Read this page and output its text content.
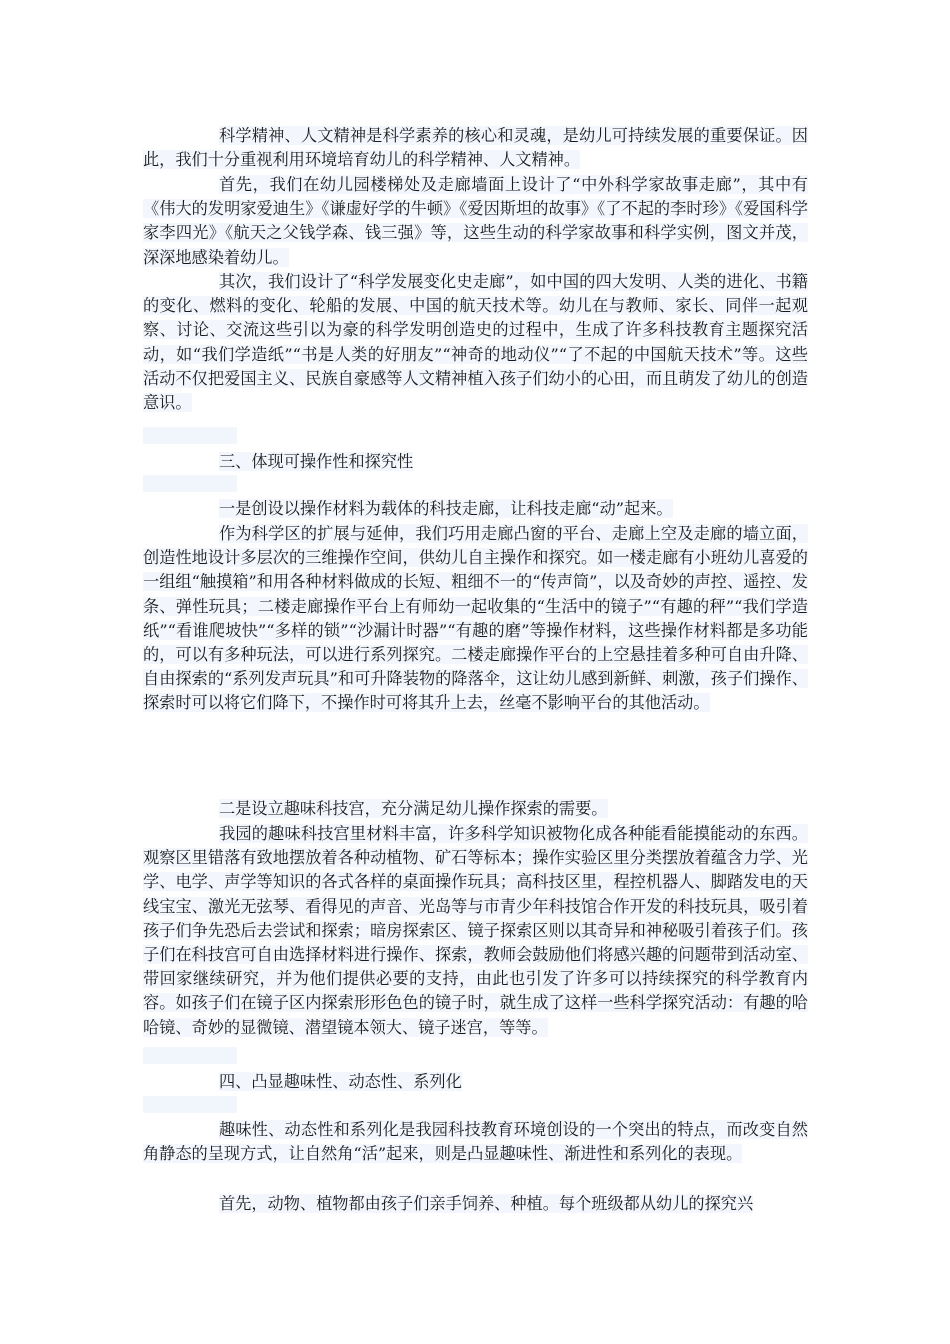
科学精神、人文精神是科学素养的核心和灵魂，是幼儿可持续发展的重要保证。因此，我们十分重视利用环境培育幼儿的科学精神、人文精神。

首先，我们在幼儿园楼梯处及走廊墙面上设计了“中外科学家故事走廊”，其中有《伟大的发明家爱迪生》《谦虚好学的牛顿》《爱因斯坦的故事》《了不起的李时珍》《爱国科学家李四光》《航天之父钱学森、钱三强》等，这些生动的科学家故事和科学实例，图文并茂，深深地感染着幼儿。

其次，我们设计了“科学发展变化史走廊”，如中国的四大发明、人类的进化、书籍的变化、燃料的变化、轮船的发展、中国的航天技术等。幼儿在与教师、家长、同伴一起观察、讨论、交流这些引以为豪的科学发明创造史的过程中，生成了许多科技教育主题探究活动，如“我们学造纸”“书是人类的好朋友”“神奇的地动仪”“了不起的中国航天技术”等。这些活动不仅把爱国主义、民族自豪感等人文精神植入孩子们幼小的心田，而且萌发了幼儿的创造意识。

三、体现可操作性和探究性

一是创设以操作材料为载体的科技走廊，让科技走廊“动”起来。

作为科学区的扩展与延伸，我们巧用走廊凸窗的平台、走廊上空及走廊的墙立面，创造性地设计多层次的三维操作空间，供幼儿自主操作和探究。如一楼走廊有小班幼儿喜爱的一组组“触摸箱”和用各种材料做成的长短、粗细不一的“传声筒”，以及奇妙的声控、遥控、发条、弹性玩具；二楼走廊操作平台上有师幼一起收集的“生活中的镜子”“有趣的秤”“我们学造纸”“看谁爬坡快”“多样的锁”“沙漏计时器”“有趣的磨”等操作材料，这些操作材料都是多功能的，可以有多种玩法，可以进行系列探究。二楼走廊操作平台的上空悬挂着多种可自由升降、自由探索的“系列发声玩具”和可升降装物的降落伞，这让幼儿感到新鲜、刺激，孩子们操作、探索时可以将它们降下，不操作时可将其升上去，丝毫不影响平台的其他活动。

二是设立趣味科技宫，充分满足幼儿操作探索的需要。

我园的趣味科技宫里材料丰富，许多科学知识被物化成各种能看能摸能动的东西。观察区里错落有致地摆放着各种动植物、矿石等标本；操作实验区里分类摆放着蕴含力学、光学、电学、声学等知识的各式各样的桌面操作玩具；高科技区里，程控机器人、脚踏发电的天线宝宝、激光无弦琴、看得见的声音、光岛等与市青少年科技馆合作开发的科技玩具，吸引着孩子们争先恐后去尝试和探索；暗房探索区、镜子探索区则以其奇异和神秘吸引着孩子们。孩子们在科技宫可自由选择材料进行操作、探索，教师会鼓励他们将感兴趣的问题带到活动室、带回家继续研究，并为他们提供必要的支持，由此也引发了许多可以持续探究的科学教育内容。如孩子们在镜子区内探索形形色色的镜子时，就生成了这样一些科学探究活动：有趣的哈哈镜、奇妙的显微镜、潜望镜本领大、镜子迷宫，等等。

四、凸显趣味性、动态性、系列化

趣味性、动态性和系列化是我园科技教育环境创设的一个突出的特点，而改变自然角静态的呈现方式，让自然角“活”起来，则是凸显趣味性、渐进性和系列化的表现。

首先，动物、植物都由孩子们亲手饲养、种植。每个班级都从幼儿的探究兴
